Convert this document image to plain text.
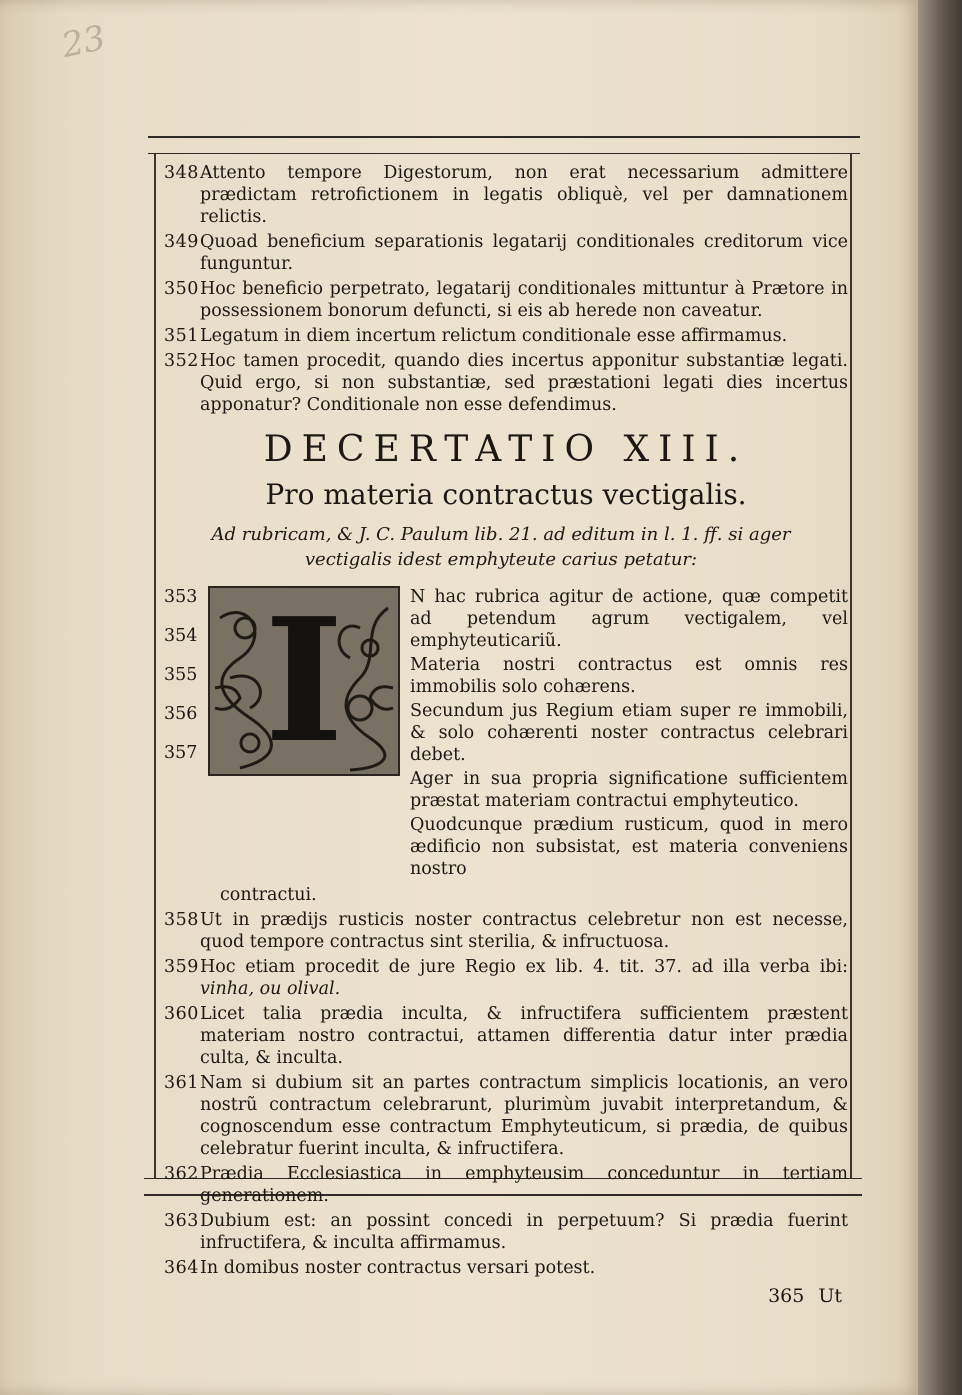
23
348 Attento tempore Digestorum, non erat necessarium admittere prædictam retrofictionem in legatis obliquè, vel per damnationem relictis.
349 Quoad beneficium separationis legatarij conditionales creditorum vice funguntur.
350 Hoc beneficio perpetrato, legatarij conditionales mittuntur à Prætore in possessionem bonorum defuncti, si eis ab herede non caveatur.
351 Legatum in diem incertum relictum conditionale esse affirmamus.
352 Hoc tamen procedit, quando dies incertus apponitur substantiæ legati. Quid ergo, si non substantiæ, sed præstationi legati dies incertus apponatur? Conditionale non esse defendimus.
DECERTATIO XIII.
Pro materia contractus vectigalis.
Ad rubricam, & J. C. Paulum lib. 21. ad editum in l. 1. ff. si ager vectigalis idest emphyteute carius petatur:
353
354
355
356
357 I	N hac rubrica agitur de actione, quæ competit ad petendum agrum vectigalem, vel emphyteuticariũ.
Materia nostri contractus est omnis res immobilis solo cohærens.
Secundum jus Regium etiam super re immobili, & solo cohærenti noster contractus celebrari debet.
Ager in sua propria significatione sufficientem præstat materiam contractui emphyteutico.
Quodcunque prædium rusticum, quod in mero ædificio non subsistat, est materia conveniens nostro
contractui.
358 Ut in prædijs rusticis noster contractus celebretur non est necesse, quod tempore contractus sint sterilia, & infructuosa.
359 Hoc etiam procedit de jure Regio ex lib. 4. tit. 37. ad illa verba ibi: vinha, ou olival.
360 Licet talia prædia inculta, & infructifera sufficientem præstent materiam nostro contractui, attamen differentia datur inter prædia culta, & inculta.
361 Nam si dubium sit an partes contractum simplicis locationis, an vero nostrũ contractum celebrarunt, plurimùm juvabit interpretandum, & cognoscendum esse contractum Emphyteuticum, si prædia, de quibus celebratur fuerint inculta, & infructifera.
362 Prædia Ecclesiastica in emphyteusim conceduntur in tertiam generationem.
363 Dubium est: an possint concedi in perpetuum? Si prædia fuerint infructifera, & inculta affirmamus.
364 In domibus noster contractus versari potest.
365 Ut
